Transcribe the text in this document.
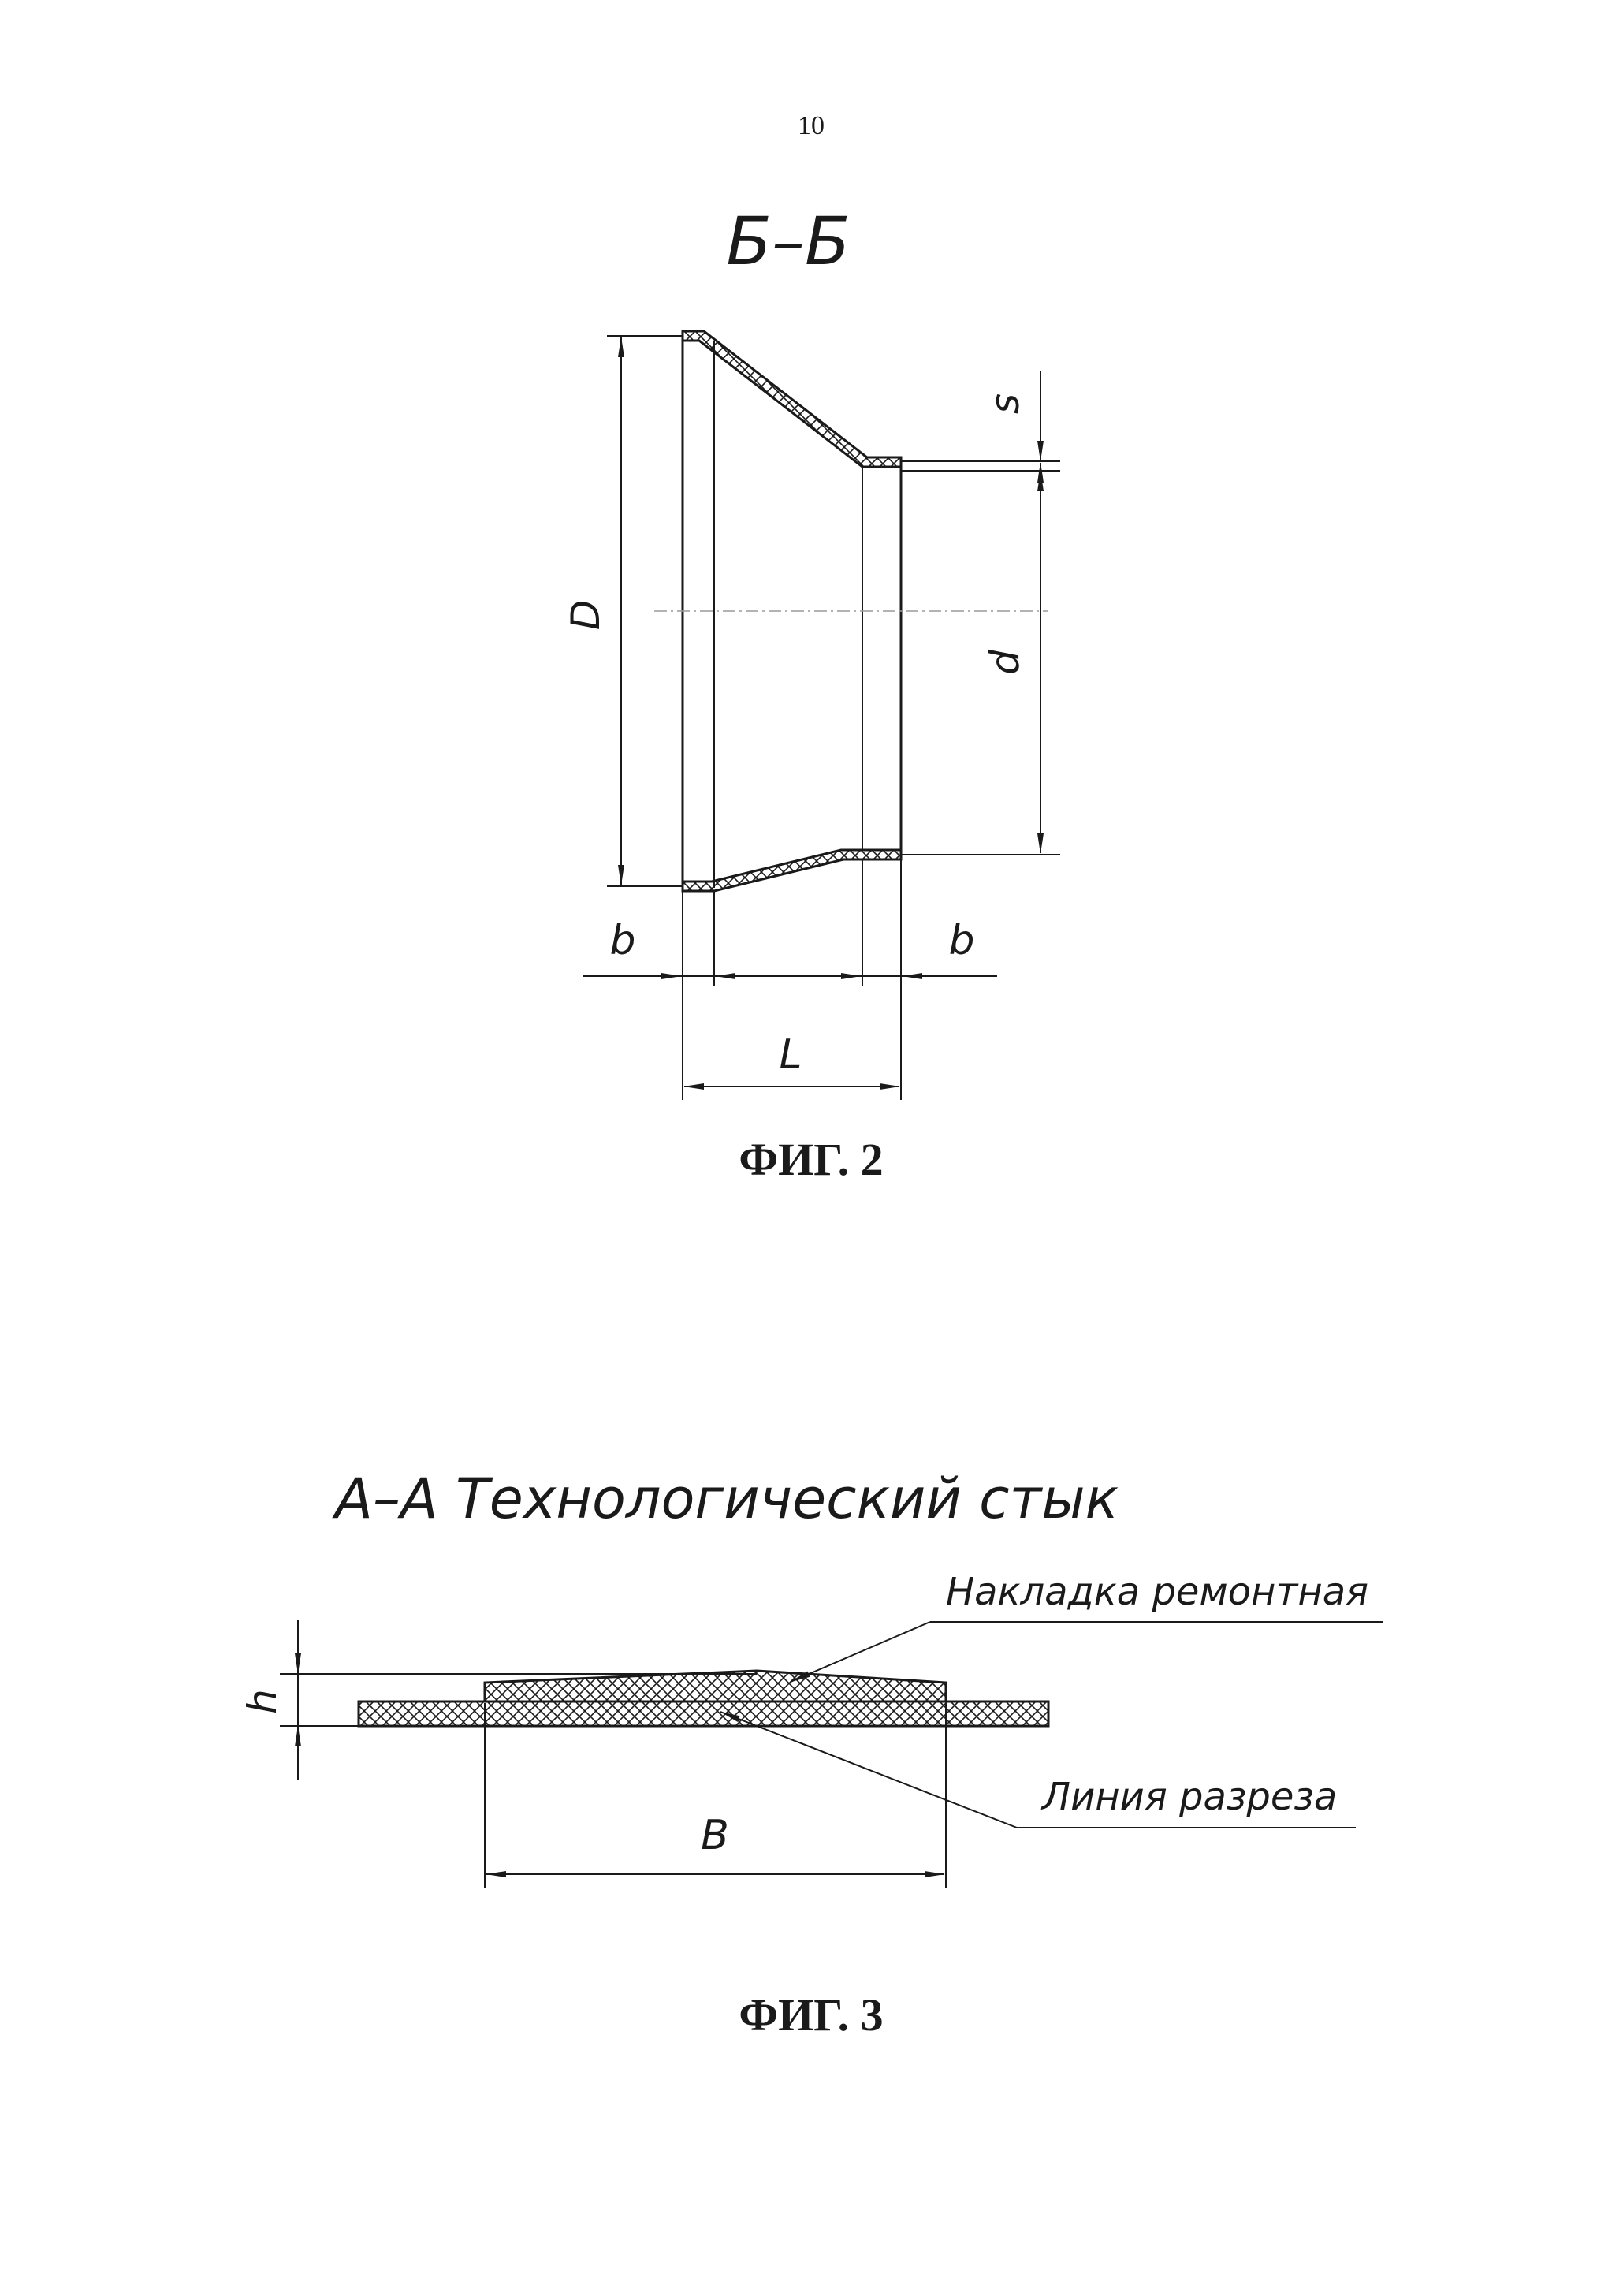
10
Б–Б
D
d
s
b	b
L
ФИГ. 2
А–А Технологический стык
h
B
Накладка ремонтная
Линия разреза
ФИГ. 3
